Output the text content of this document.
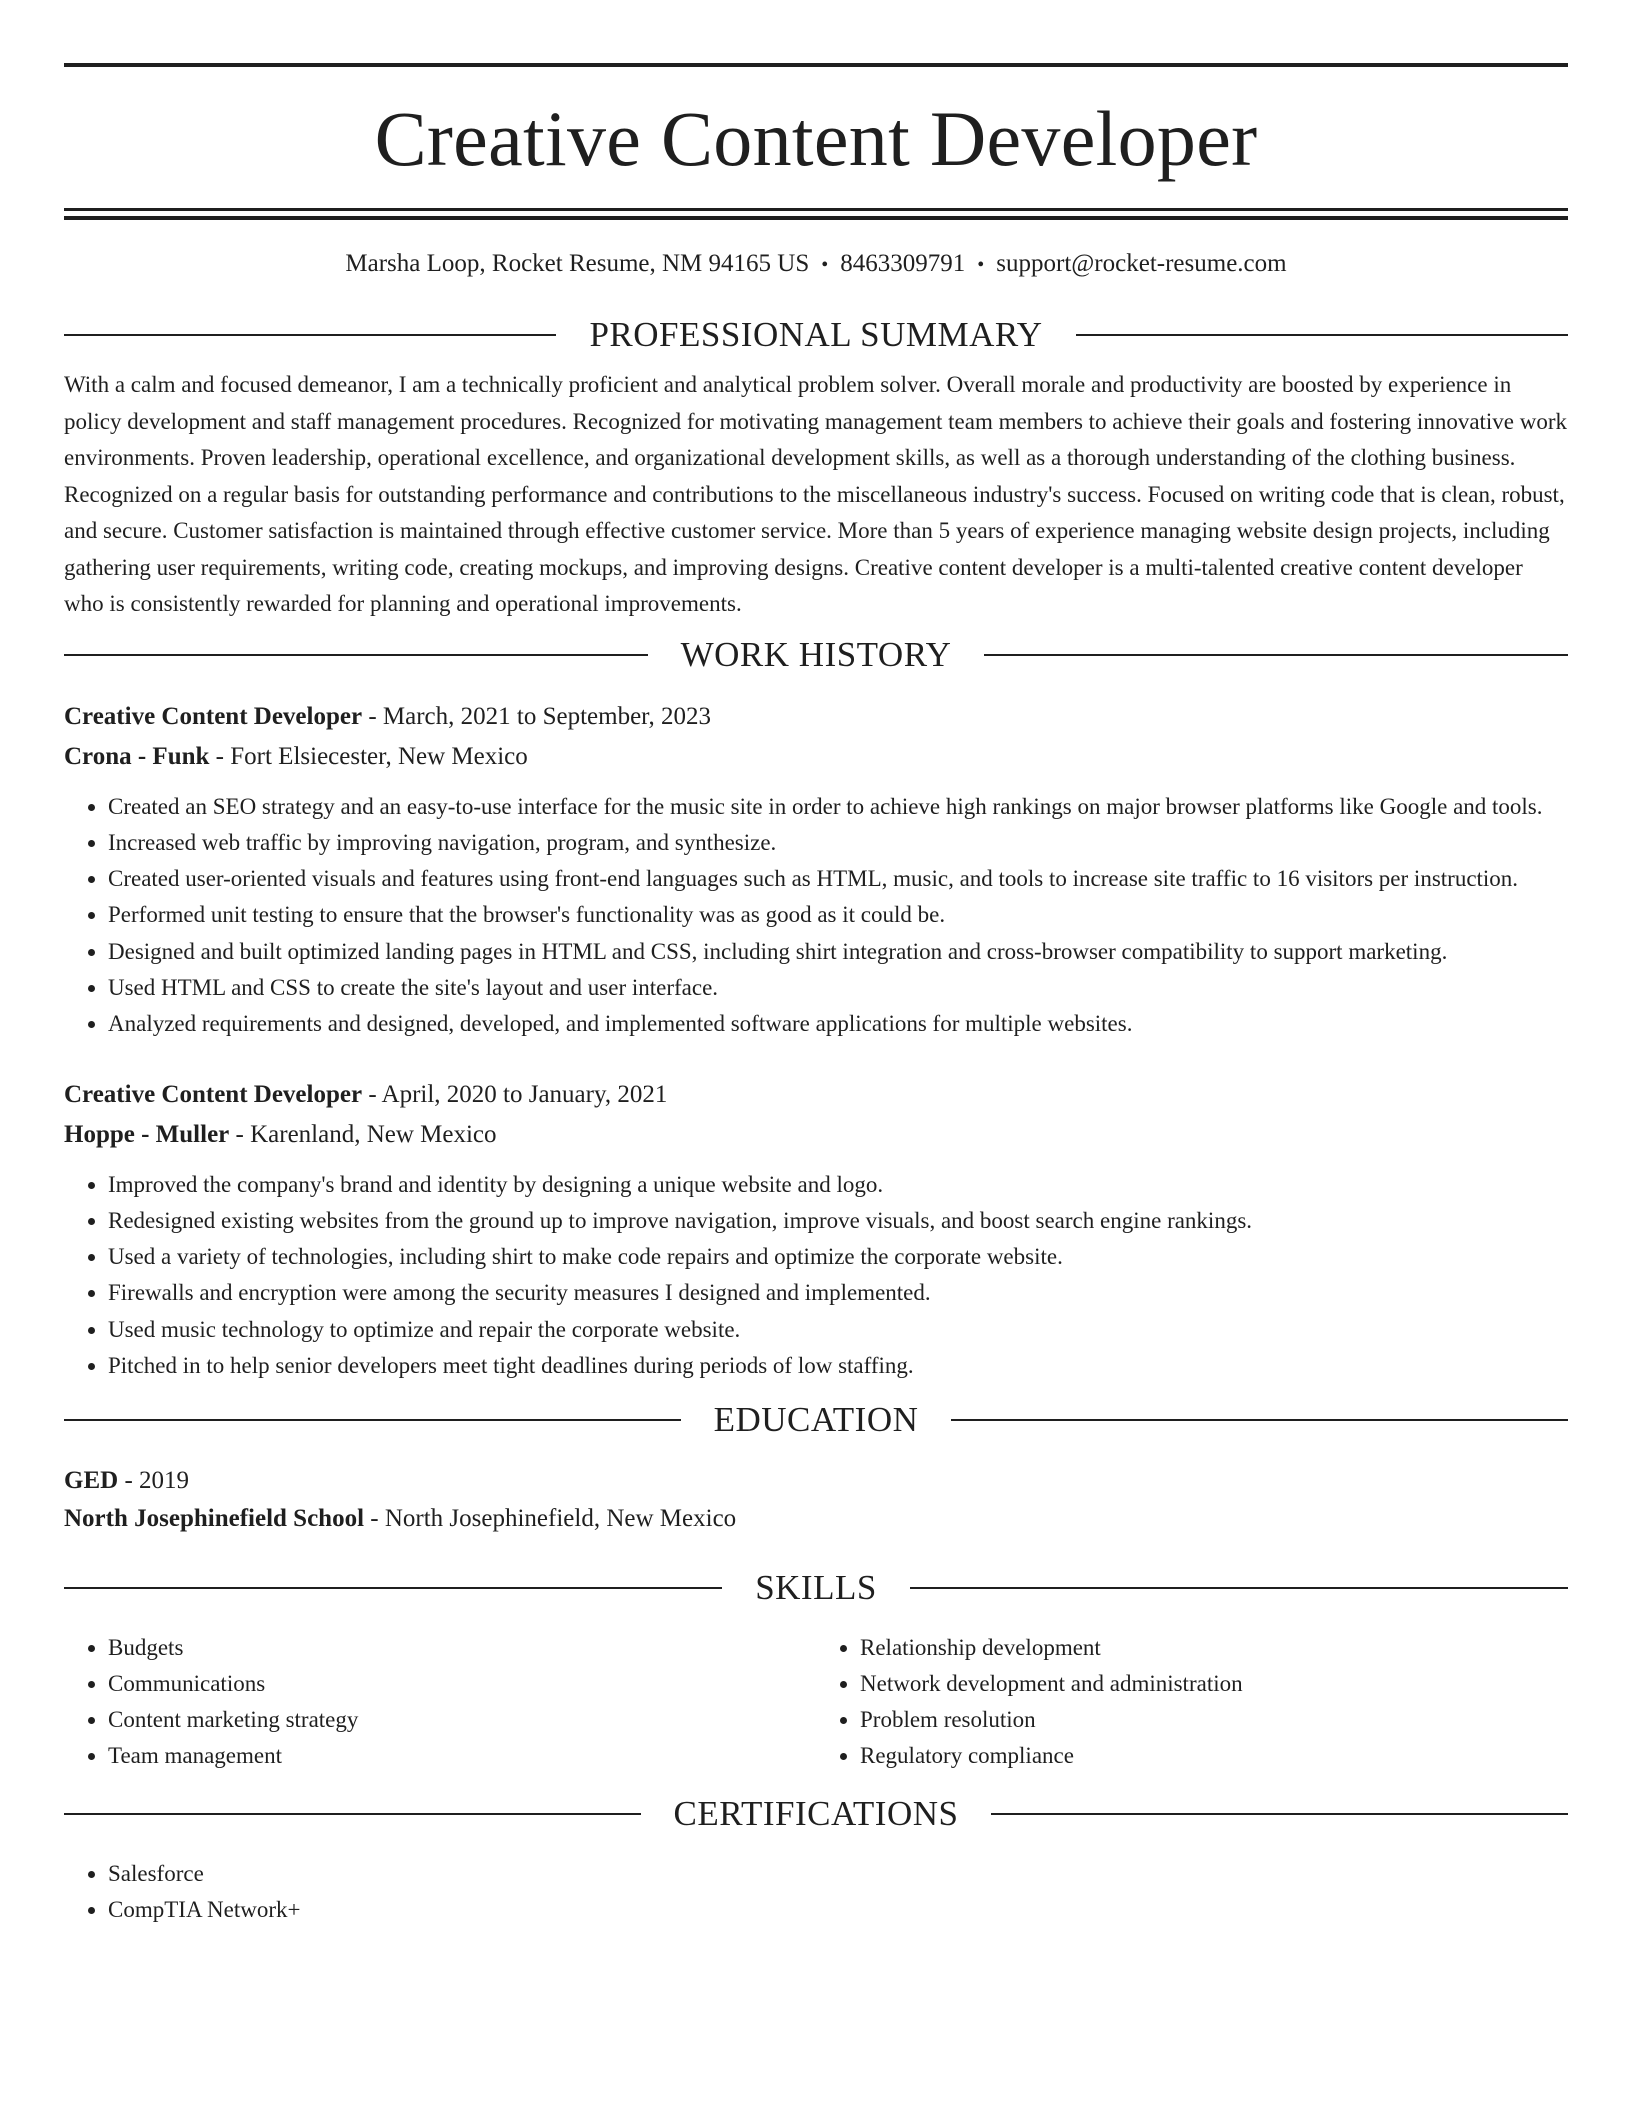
Creative Content Developer
Marsha Loop, Rocket Resume, NM 94165 US • 8463309791 • support@rocket-resume.com
PROFESSIONAL SUMMARY

With a calm and focused demeanor, I am a technically proficient and analytical problem solver. Overall morale and productivity are boosted by experience in policy development and staff management procedures. Recognized for motivating management team members to achieve their goals and fostering innovative work environments. Proven leadership, operational excellence, and organizational development skills, as well as a thorough understanding of the clothing business. Recognized on a regular basis for outstanding performance and contributions to the miscellaneous industry's success. Focused on writing code that is clean, robust, and secure. Customer satisfaction is maintained through effective customer service. More than 5 years of experience managing website design projects, including gathering user requirements, writing code, creating mockups, and improving designs. Creative content developer is a multi-talented creative content developer who is consistently rewarded for planning and operational improvements.

WORK HISTORY
Creative Content Developer - March, 2021 to September, 2023
Crona - Funk - Fort Elsiecester, New Mexico
• Created an SEO strategy and an easy-to-use interface for the music site in order to achieve high rankings on major browser platforms like Google and tools.
• Increased web traffic by improving navigation, program, and synthesize.
• Created user-oriented visuals and features using front-end languages such as HTML, music, and tools to increase site traffic to 16 visitors per instruction.
• Performed unit testing to ensure that the browser's functionality was as good as it could be.
• Designed and built optimized landing pages in HTML and CSS, including shirt integration and cross-browser compatibility to support marketing.
• Used HTML and CSS to create the site's layout and user interface.
• Analyzed requirements and designed, developed, and implemented software applications for multiple websites.
Creative Content Developer - April, 2020 to January, 2021
Hoppe - Muller - Karenland, New Mexico
• Improved the company's brand and identity by designing a unique website and logo.
• Redesigned existing websites from the ground up to improve navigation, improve visuals, and boost search engine rankings.
• Used a variety of technologies, including shirt to make code repairs and optimize the corporate website.
• Firewalls and encryption were among the security measures I designed and implemented.
• Used music technology to optimize and repair the corporate website.
• Pitched in to help senior developers meet tight deadlines during periods of low staffing.
EDUCATION
GED - 2019
North Josephinefield School - North Josephinefield, New Mexico
SKILLS
• Budgets
• Communications
• Content marketing strategy
• Team management
• Relationship development
• Network development and administration
• Problem resolution
• Regulatory compliance
CERTIFICATIONS
• Salesforce
• CompTIA Network+
